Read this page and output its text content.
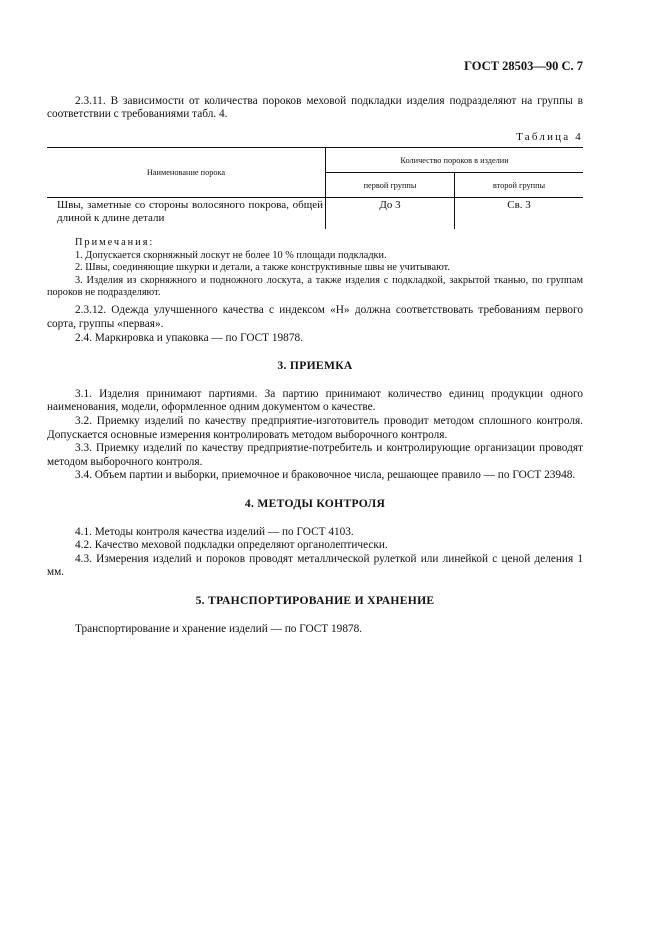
ГОСТ 28503—90 С. 7

2.3.11. В зависимости от количества пороков меховой подкладки изделия подразделяют на группы в соответствии с требованиями табл. 4.

Таблица 4
Наименование порока	Количество пороков в изделии	
	первой группы	второй группы
Швы, заметные со стороны волосяного покрова, общей длиной к длине детали	До 3	Св. 3
Примечания:
1. Допускается скорняжный лоскут не более 10 % площади подкладки.
2. Швы, соединяющие шкурки и детали, а также конструктивные швы не учитывают.
3. Изделия из скорняжного и подножного лоскута, а также изделия с подкладкой, закрытой тканью, по группам пороков не подразделяют.

2.3.12. Одежда улучшенного качества с индексом «Н» должна соответствовать требованиям первого сорта, группы «первая».

2.4. Маркировка и упаковка — по ГОСТ 19878.

3. ПРИЕМКА

3.1. Изделия принимают партиями. За партию принимают количество единиц продукции одного наименования, модели, оформленное одним документом о качестве.

3.2. Приемку изделий по качеству предприятие-изготовитель проводит методом сплошного контроля. Допускается основные измерения контролировать методом выборочного контроля.

3.3. Приемку изделий по качеству предприятие-потребитель и контролирующие организации проводят методом выборочного контроля.

3.4. Объем партии и выборки, приемочное и браковочное числа, решающее правило — по ГОСТ 23948.

4. МЕТОДЫ КОНТРОЛЯ

4.1. Методы контроля качества изделий — по ГОСТ 4103.

4.2. Качество меховой подкладки определяют органолептически.

4.3. Измерения изделий и пороков проводят металлической рулеткой или линейкой с ценой деления 1 мм.

5. ТРАНСПОРТИРОВАНИЕ И ХРАНЕНИЕ

Транспортирование и хранение изделий — по ГОСТ 19878.
